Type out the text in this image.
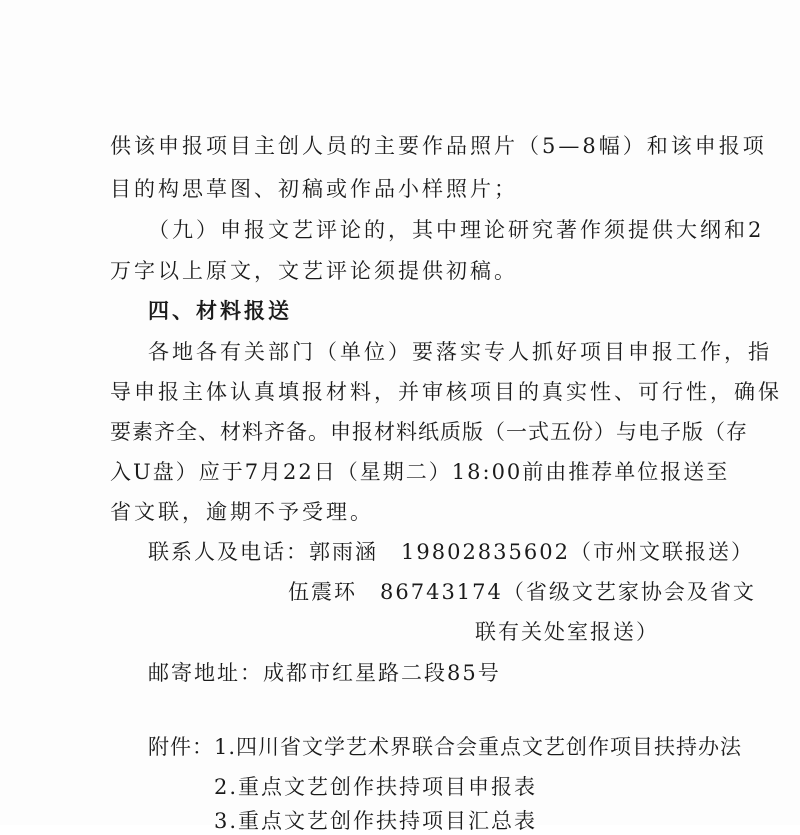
供该申报项目主创人员的主要作品照片（5—8幅）和该申报项
目的构思草图、初稿或作品小样照片；
（九）申报文艺评论的，其中理论研究著作须提供大纲和2
万字以上原文，文艺评论须提供初稿。
四、材料报送
各地各有关部门（单位）要落实专人抓好项目申报工作，指
导申报主体认真填报材料，并审核项目的真实性、可行性，确保
要素齐全、材料齐备。申报材料纸质版（一式五份）与电子版（存
入U盘）应于7月22日（星期二）18:00前由推荐单位报送至
省文联，逾期不予受理。
联系人及电话：郭雨涵　19802835602（市州文联报送）
伍震环　86743174（省级文艺家协会及省文
联有关处室报送）
邮寄地址：成都市红星路二段85号
附件：1.四川省文学艺术界联合会重点文艺创作项目扶持办法
2.重点文艺创作扶持项目申报表
3.重点文艺创作扶持项目汇总表
